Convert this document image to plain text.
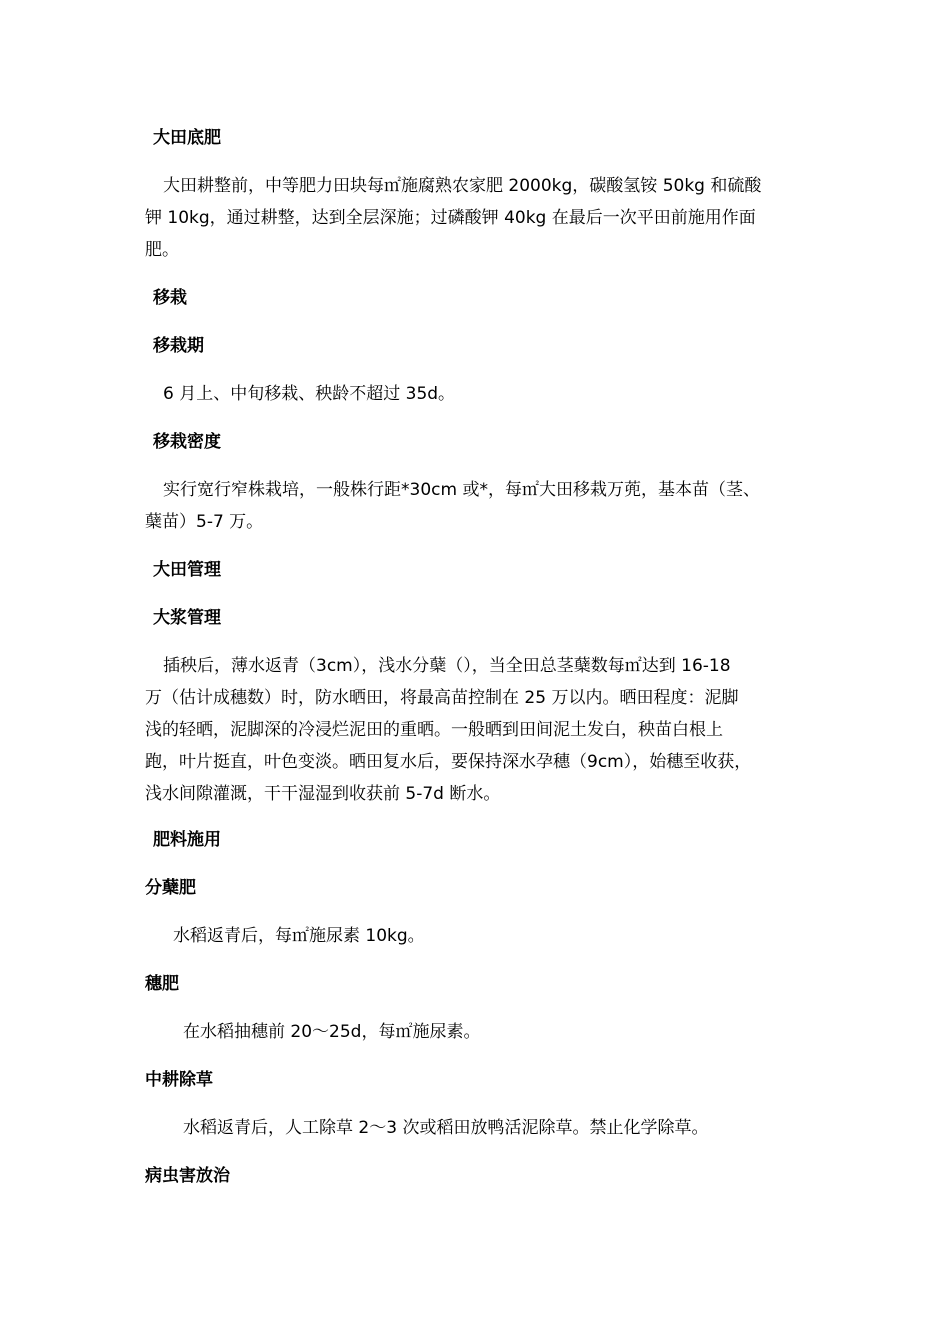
大田底肥
大田耕整前，中等肥力田块每㎡施腐熟农家肥 2000kg，碳酸氢铵 50kg 和硫酸
钾 10kg，通过耕整，达到全层深施；过磷酸钾 40kg 在最后一次平田前施用作面
肥。
移栽
移栽期
6 月上、中旬移栽、秧龄不超过 35d。
移栽密度
实行宽行窄株栽培，一般株行距*30cm 或*，每㎡大田移栽万蔸，基本苗（茎、
蘖苗）5-7 万。
大田管理
大浆管理
插秧后，薄水返青（3cm），浅水分蘖（），当全田总茎蘖数每㎡达到 16-18
万（估计成穗数）时，防水晒田，将最高苗控制在 25 万以内。晒田程度：泥脚
浅的轻晒，泥脚深的冷浸烂泥田的重晒。一般晒到田间泥土发白，秧苗白根上
跑，叶片挺直，叶色变淡。晒田复水后，要保持深水孕穗（9cm），始穗至收获，
浅水间隙灌溉，干干湿湿到收获前 5-7d 断水。
肥料施用
分蘖肥
水稻返青后，每㎡施尿素 10kg。
穗肥
在水稻抽穗前 20～25d，每㎡施尿素。
中耕除草
水稻返青后，人工除草 2～3 次或稻田放鸭活泥除草。禁止化学除草。
病虫害放治
